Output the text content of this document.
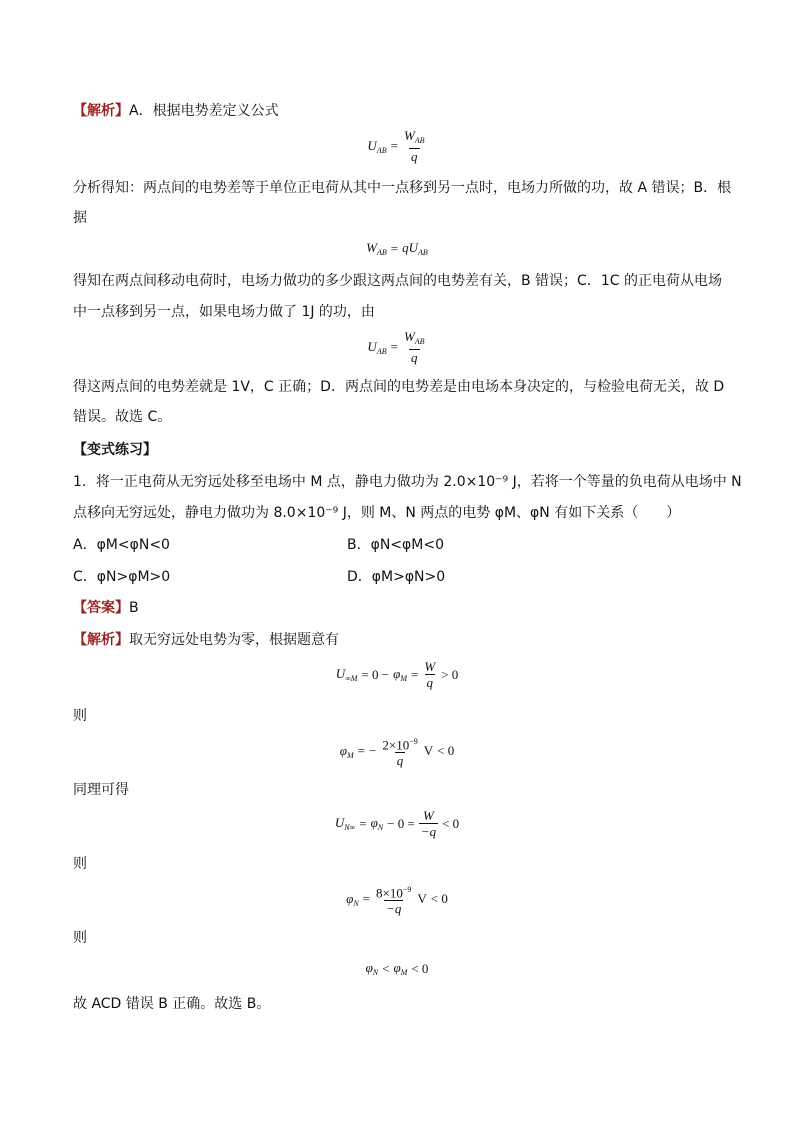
【解析】A．根据电势差定义公式
$U_{AB} = \frac{W_{AB}}{q}$
分析得知：两点间的电势差等于单位正电荷从其中一点移到另一点时，电场力所做的功，故 A 错误；B．根
据
$W_{AB} = qU_{AB}$
得知在两点间移动电荷时，电场力做功的多少跟这两点间的电势差有关，B 错误；C．1C 的正电荷从电场
中一点移到另一点，如果电场力做了 1J 的功，由
$U_{AB} = \frac{W_{AB}}{q}$
得这两点间的电势差就是 1V，C 正确；D．两点间的电势差是由电场本身决定的，与检验电荷无关，故 D
错误。故选 C。
【变式练习】
1．将一正电荷从无穷远处移至电场中 M 点，静电力做功为 2.0×10⁻⁹ J，若将一个等量的负电荷从电场中 N
点移向无穷远处，静电力做功为 8.0×10⁻⁹ J，则 M、N 两点的电势 φM、φN 有如下关系（　　）
A．φM<φN<0	B．φN<φM<0
C．φN>φM>0	D．φM>φN>0
【答案】B
【解析】取无穷远处电势为零，根据题意有
$U_{\infty M} = 0 - \varphi_M = \frac{W}{q} > 0$
则
$\varphi_M$ = − $\frac{2\times 10^{-9}}{q}$ V < 0
同理可得
$U_{N\infty} = \varphi_N - 0 = \frac{W}{-q} < 0$
则
$\varphi_N = \frac{8\times 10^{-9}}{-q}$ V < 0
则
$\varphi_N < \varphi_M < 0$
故 ACD 错误 B 正确。故选 B。
